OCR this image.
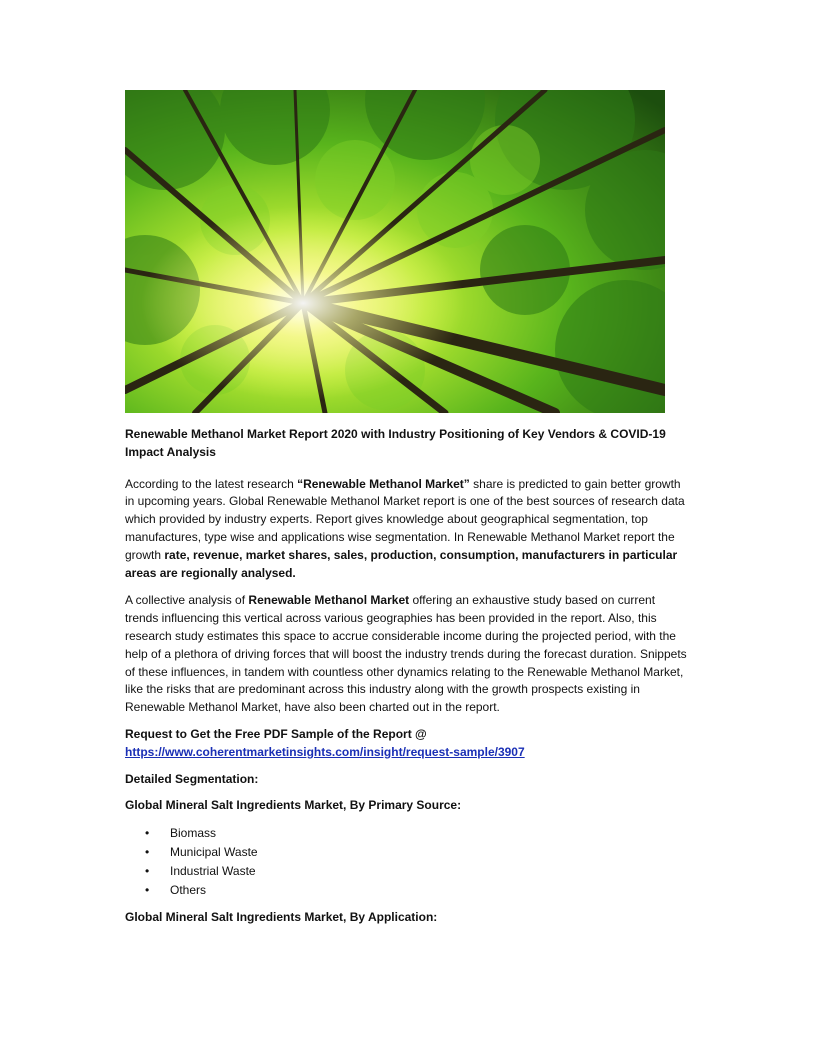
Renewable Methanol Market Report 2020 with Industry Positioning of Key Vendors & COVID-19 Impact Analysis

According to the latest research “Renewable Methanol Market” share is predicted to gain better growth in upcoming years. Global Renewable Methanol Market report is one of the best sources of research data which provided by industry experts. Report gives knowledge about geographical segmentation, top manufactures, type wise and applications wise segmentation. In Renewable Methanol Market report the growth rate, revenue, market shares, sales, production, consumption, manufacturers in particular areas are regionally analysed.

A collective analysis of Renewable Methanol Market offering an exhaustive study based on current trends influencing this vertical across various geographies has been provided in the report. Also, this research study estimates this space to accrue considerable income during the projected period, with the help of a plethora of driving forces that will boost the industry trends during the forecast duration. Snippets of these influences, in tandem with countless other dynamics relating to the Renewable Methanol Market, like the risks that are predominant across this industry along with the growth prospects existing in Renewable Methanol Market, have also been charted out in the report.

Request to Get the Free PDF Sample of the Report @
https://www.coherentmarketinsights.com/insight/request-sample/3907
Detailed Segmentation:
Global Mineral Salt Ingredients Market, By Primary Source:
• Biomass
• Municipal Waste
• Industrial Waste
• Others
Global Mineral Salt Ingredients Market, By Application:
